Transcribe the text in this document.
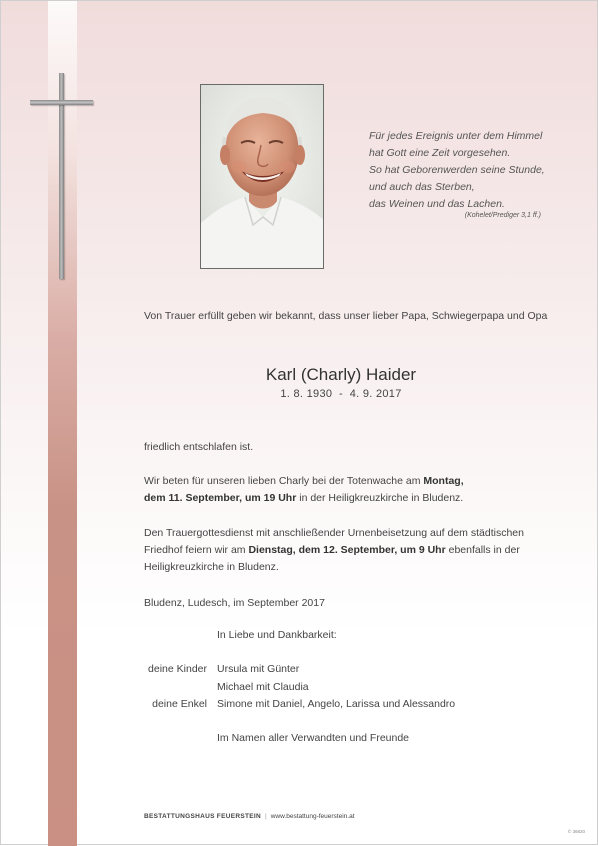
Für jedes Ereignis unter dem Himmel
hat Gott eine Zeit vorgesehen.
So hat Geborenwerden seine Stunde,
und auch das Sterben,
das Weinen und das Lachen.
(Kohelet/Prediger 3,1 ff.)
Von Trauer erfüllt geben wir bekannt, dass unser lieber Papa, Schwiegerpapa und Opa
Karl (Charly) Haider
1. 8. 1930  -  4. 9. 2017
friedlich entschlafen ist.
Wir beten für unseren lieben Charly bei der Totenwache am Montag,
dem 11. September, um 19 Uhr in der Heiligkreuzkirche in Bludenz.
Den Trauergottesdienst mit anschließender Urnenbeisetzung auf dem städtischen
Friedhof feiern wir am Dienstag, dem 12. September, um 9 Uhr ebenfalls in der
Heiligkreuzkirche in Bludenz.
Bludenz, Ludesch, im September 2017
In Liebe und Dankbarkeit:
deine Kinder Ursula mit Günter
Michael mit Claudia
deine Enkel Simone mit Daniel, Angelo, Larissa und Alessandro
Im Namen aller Verwandten und Freunde
BESTATTUNGSHAUS FEUERSTEIN | www.bestattung-feuerstein.at
© 36820
